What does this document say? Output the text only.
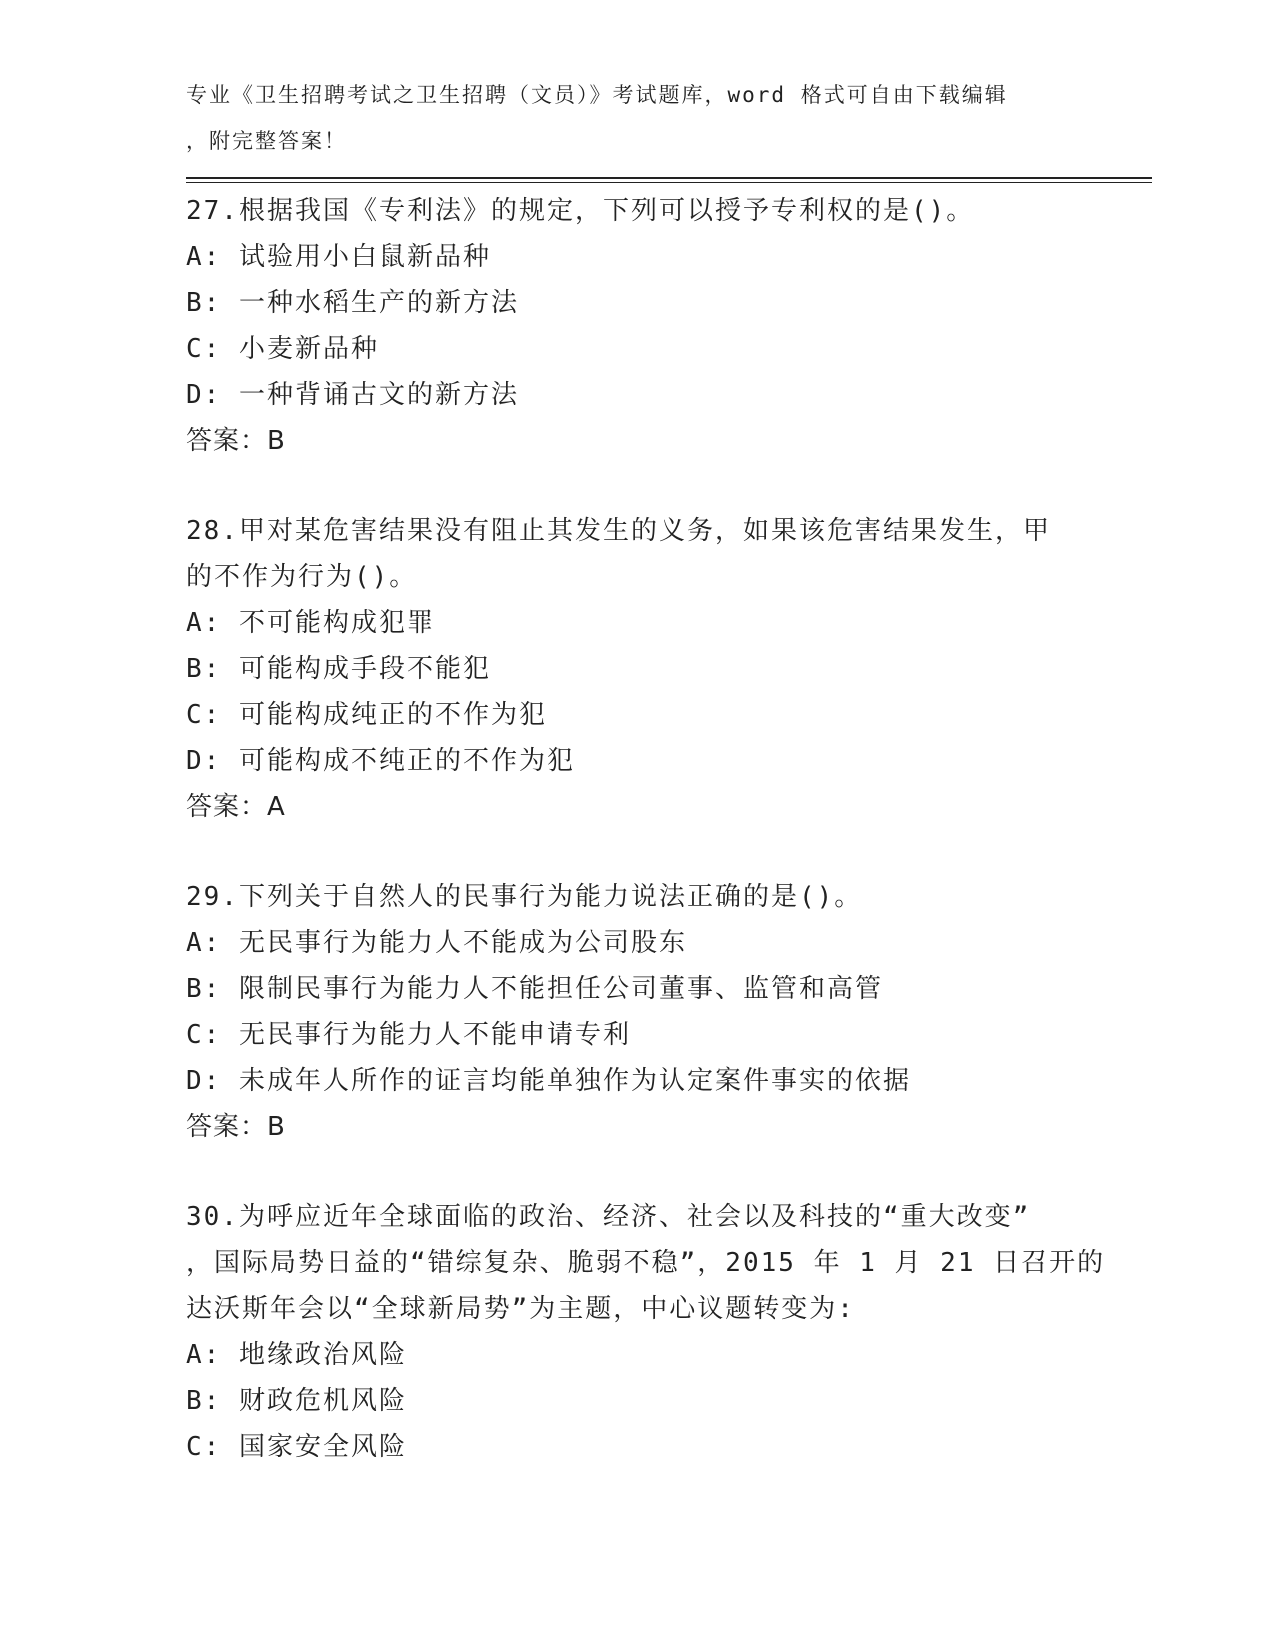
专业《卫生招聘考试之卫生招聘（文员）》考试题库，word 格式可自由下载编辑
，附完整答案！
27.根据我国《专利法》的规定，下列可以授予专利权的是()。
A: 试验用小白鼠新品种
B: 一种水稻生产的新方法
C: 小麦新品种
D: 一种背诵古文的新方法
答案：B
28.甲对某危害结果没有阻止其发生的义务，如果该危害结果发生，甲
的不作为行为()。
A: 不可能构成犯罪
B: 可能构成手段不能犯
C: 可能构成纯正的不作为犯
D: 可能构成不纯正的不作为犯
答案：A
29.下列关于自然人的民事行为能力说法正确的是()。
A: 无民事行为能力人不能成为公司股东
B: 限制民事行为能力人不能担任公司董事、监管和高管
C: 无民事行为能力人不能申请专利
D: 未成年人所作的证言均能单独作为认定案件事实的依据
答案：B
30.为呼应近年全球面临的政治、经济、社会以及科技的“重大改变”
，国际局势日益的“错综复杂、脆弱不稳”，2015 年 1 月 21 日召开的
达沃斯年会以“全球新局势”为主题，中心议题转变为:
A: 地缘政治风险
B: 财政危机风险
C: 国家安全风险
